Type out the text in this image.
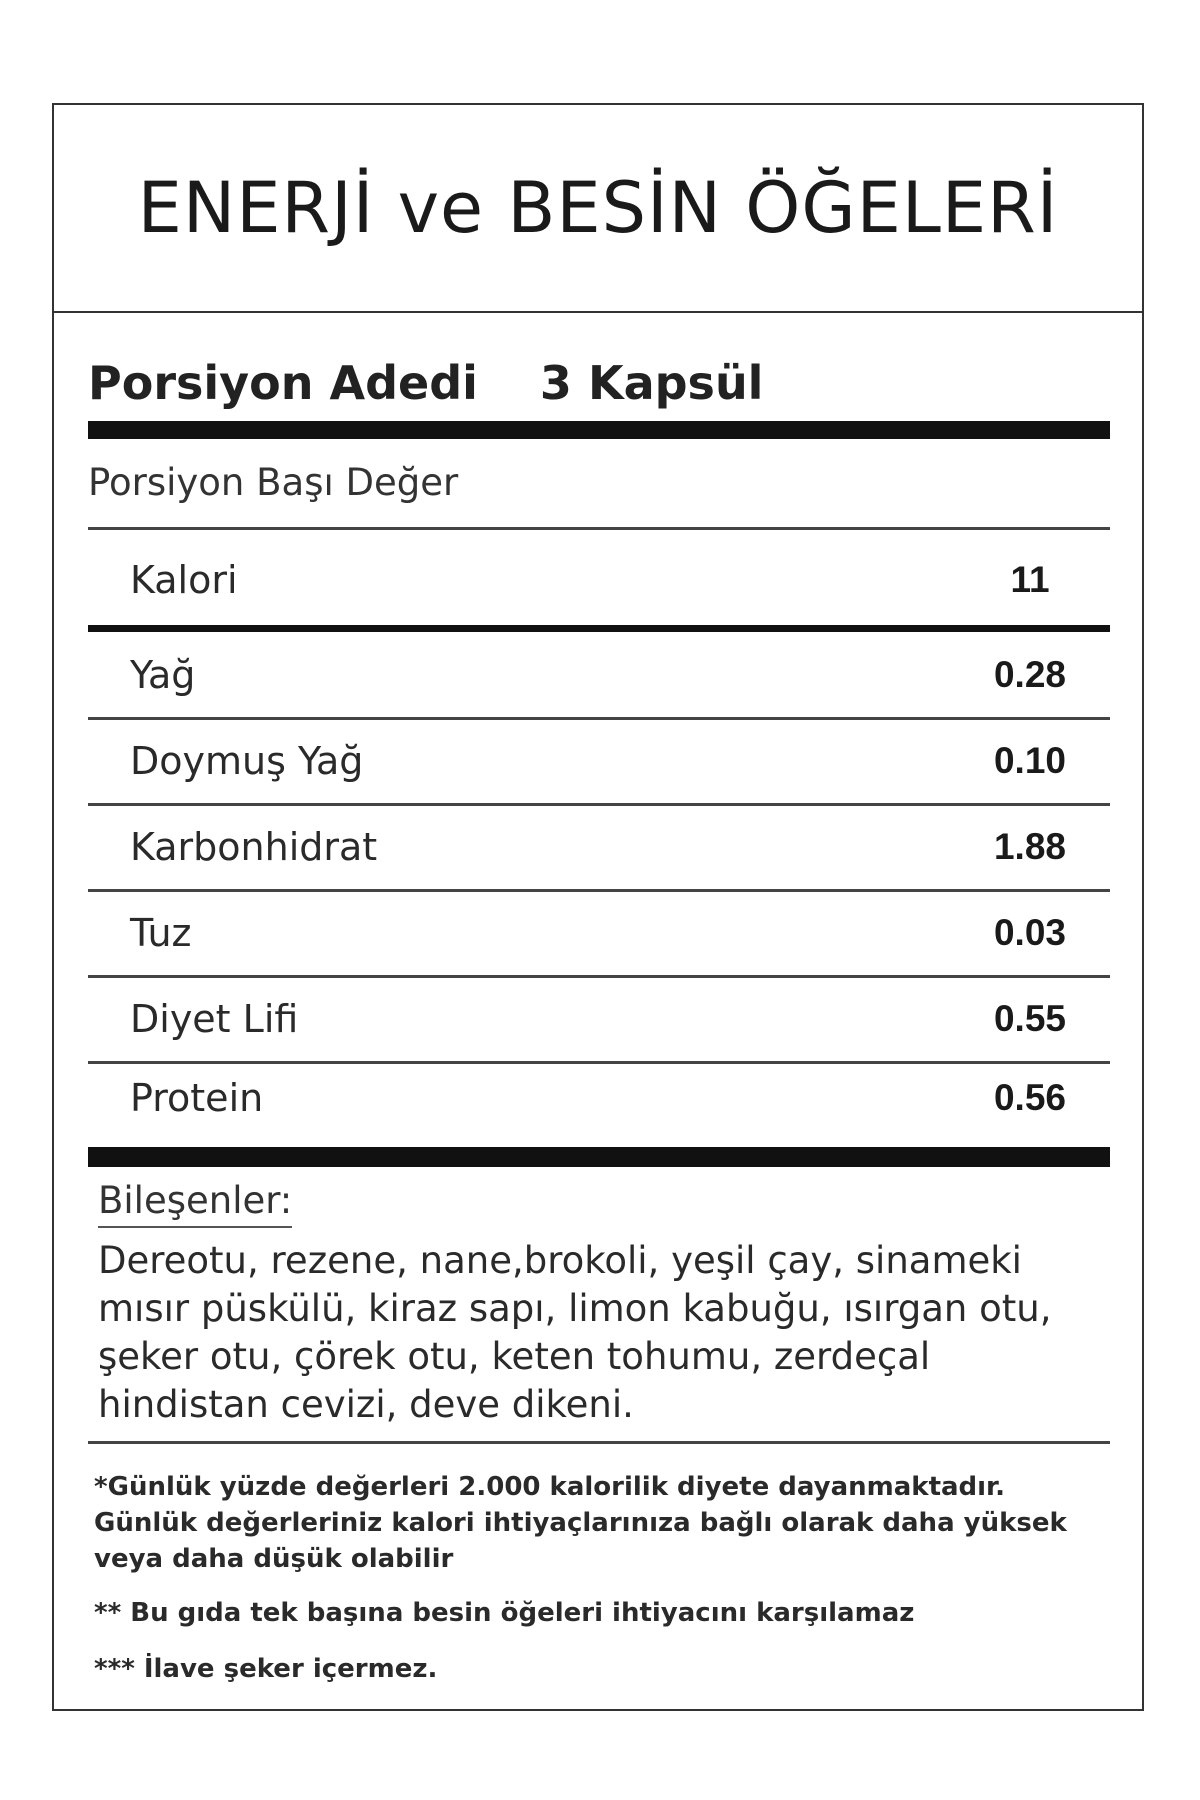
ENERJİ ve BESİN ÖĞELERİ
Porsiyon Adedi 3 Kapsül
Porsiyon Başı Değer
Kalori	11
Yağ	0.28
Doymuş Yağ	0.10
Karbonhidrat	1.88
Tuz	0.03
Diyet Lifi	0.55
Protein	0.56
Bileşenler:
Dereotu, rezene, nane,brokoli, yeşil çay, sinameki mısır püskülü, kiraz sapı, limon kabuğu, ısırgan otu, şeker otu, çörek otu, keten tohumu, zerdeçal hindistan cevizi, deve dikeni.
*Günlük yüzde değerleri 2.000 kalorilik diyete dayanmaktadır. Günlük değerleriniz kalori ihtiyaçlarınıza bağlı olarak daha yüksek veya daha düşük olabilir
** Bu gıda tek başına besin öğeleri ihtiyacını karşılamaz
*** İlave şeker içermez.
